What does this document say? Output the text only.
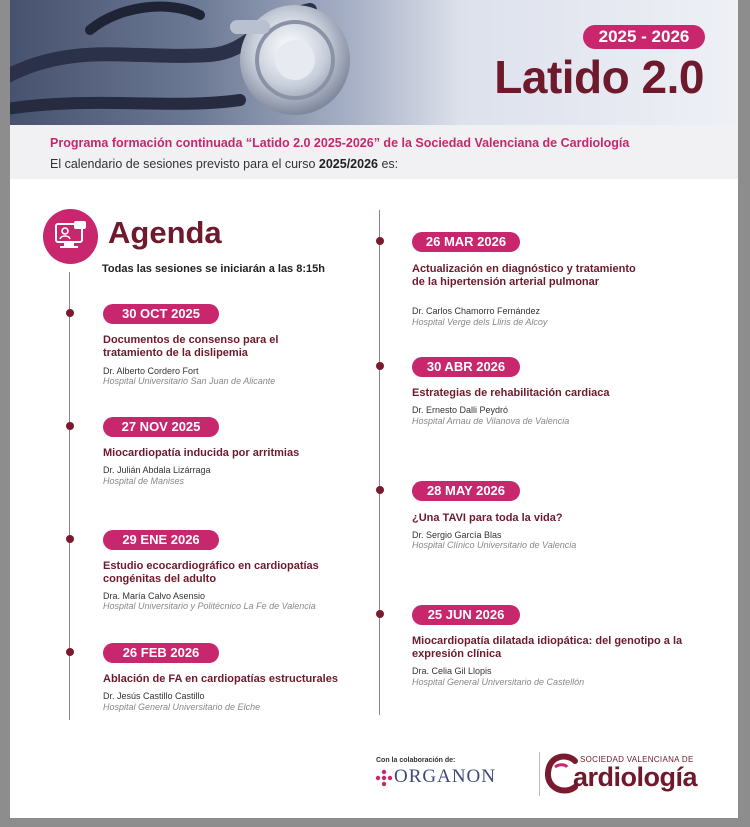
2025 - 2026
Latido 2.0
Programa formación continuada “Latido 2.0 2025-2026” de la Sociedad Valenciana de Cardiología
El calendario de sesiones previsto para el curso 2025/2026 es:
Agenda
Todas las sesiones se iniciarán a las 8:15h
30 OCT 2025
Documentos de consenso para el tratamiento de la dislipemia
Dr. Alberto Cordero Fort
Hospital Universitario San Juan de Alicante
27 NOV 2025
Miocardiopatía inducida por arritmias
Dr. Julián Abdala Lizárraga
Hospital de Manises
29 ENE 2026
Estudio ecocardiográfico en cardiopatías congénitas del adulto
Dra. María Calvo Asensio
Hospital Universitario y Politécnico La Fe de Valencia
26 FEB 2026
Ablación de FA en cardiopatías estructurales
Dr. Jesús Castillo Castillo
Hospital General Universitario de Elche
26 MAR 2026
Actualización en diagnóstico y tratamiento de la hipertensión arterial pulmonar
Dr. Carlos Chamorro Fernández
Hospital Verge dels Lliris de Alcoy
30 ABR 2026
Estrategias de rehabilitación cardiaca
Dr. Ernesto Dalli Peydró
Hospital Arnau de Vilanova de Valencia
28 MAY 2026
¿Una TAVI para toda la vida?
Dr. Sergio García Blas
Hospital Clínico Universitario de Valencia
25 JUN 2026
Miocardiopatía dilatada idiopática: del genotipo a la expresión clínica
Dra. Celia Gil Llopis
Hospital General Universitario de Castellón
Con la colaboración de:
ORGANON
SOCIEDAD VALENCIANA DE
ardiología
